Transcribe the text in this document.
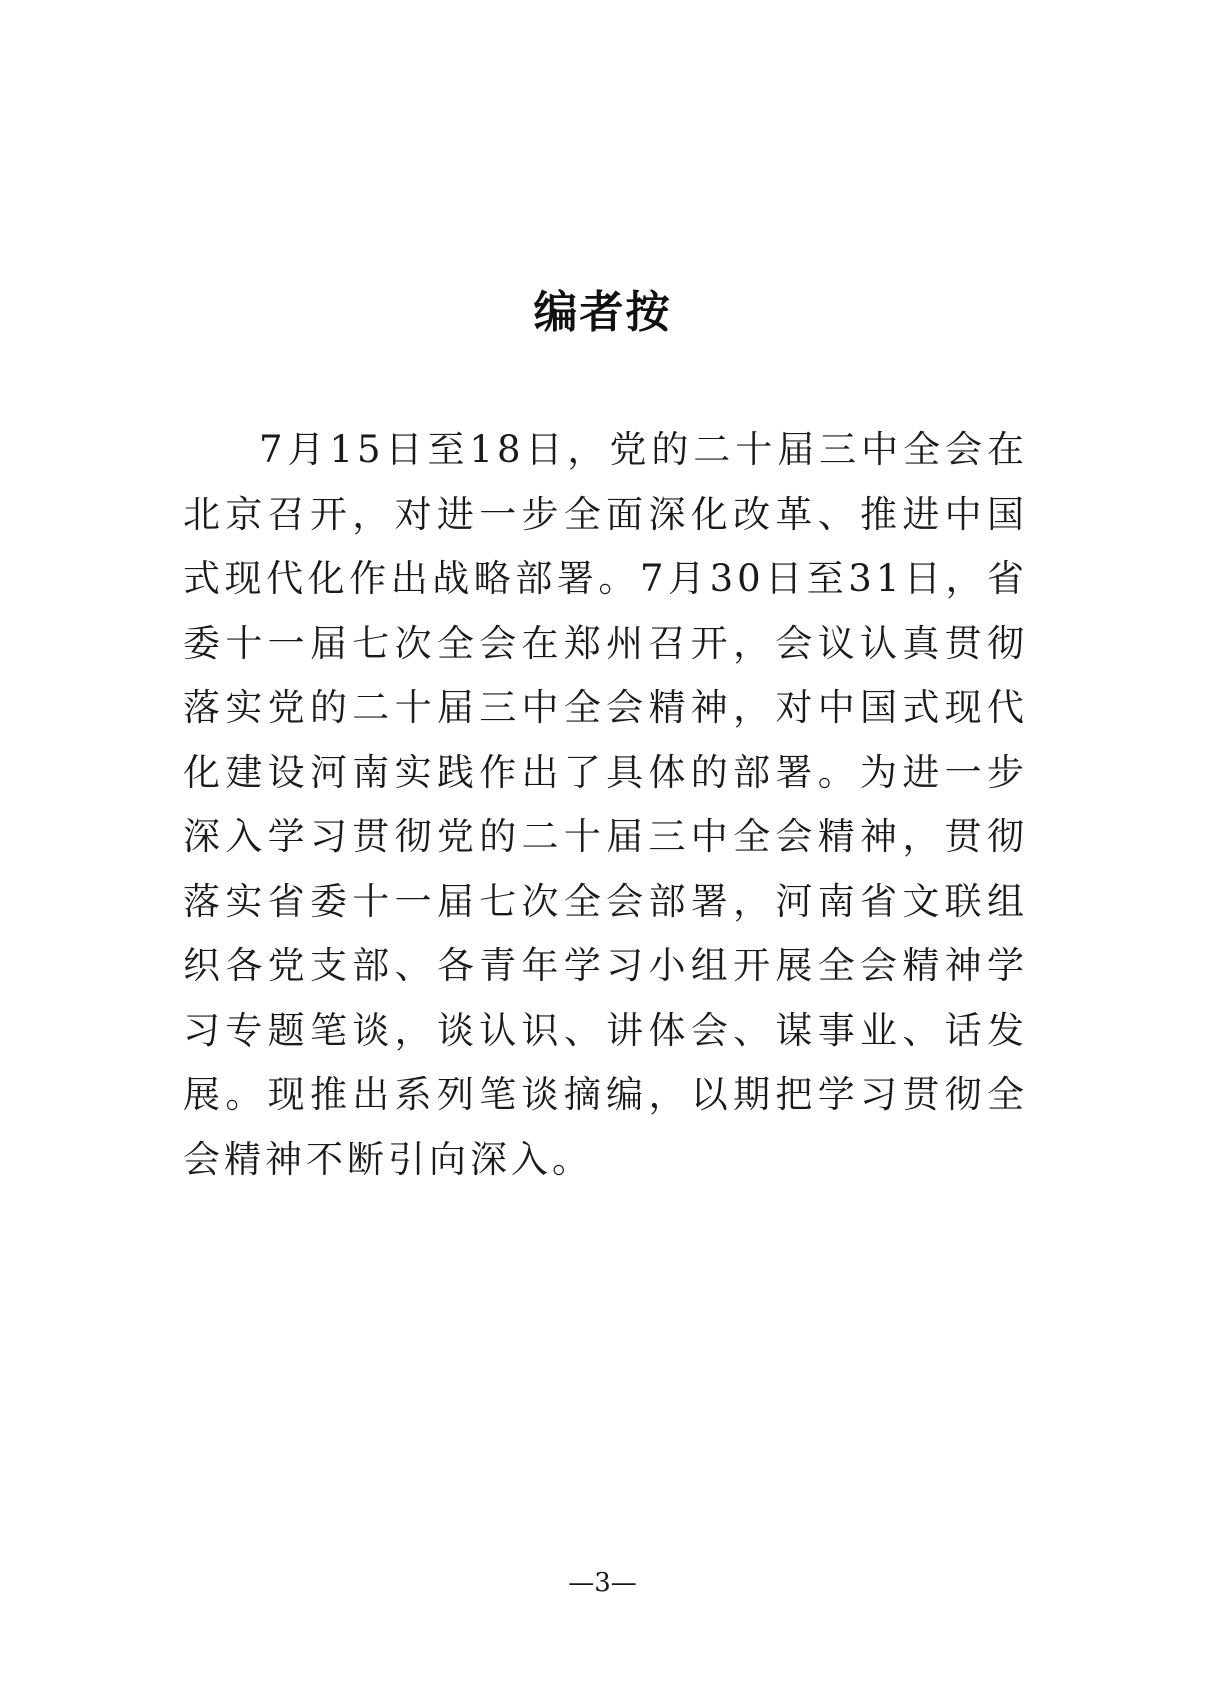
编者按

7月15日至18日，党的二十届三中全会在北京召开，对进一步全面深化改革、推进中国式现代化作出战略部署。7月30日至31日，省委十一届七次全会在郑州召开，会议认真贯彻落实党的二十届三中全会精神，对中国式现代化建设河南实践作出了具体的部署。为进一步深入学习贯彻党的二十届三中全会精神，贯彻落实省委十一届七次全会部署，河南省文联组织各党支部、各青年学习小组开展全会精神学习专题笔谈，谈认识、讲体会、谋事业、话发展。现推出系列笔谈摘编，以期把学习贯彻全会精神不断引向深入。

—3—
